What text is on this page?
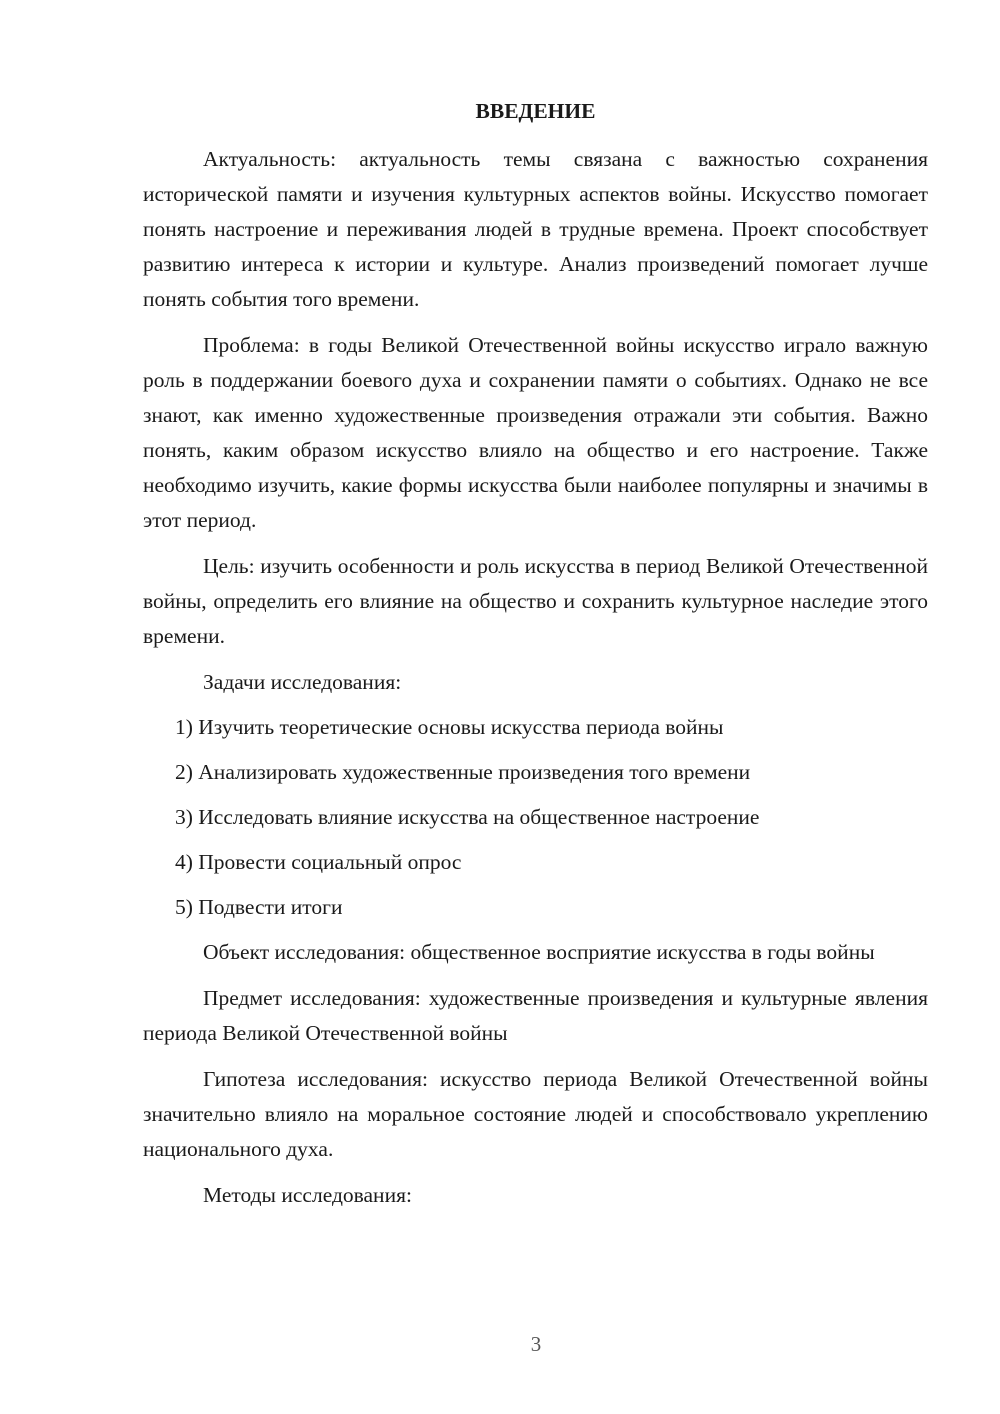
ВВЕДЕНИЕ

Актуальность: актуальность темы связана с важностью сохранения исторической памяти и изучения культурных аспектов войны. Искусство помогает понять настроение и переживания людей в трудные времена. Проект способствует развитию интереса к истории и культуре. Анализ произведений помогает лучше понять события того времени.

Проблема: в годы Великой Отечественной войны искусство играло важную роль в поддержании боевого духа и сохранении памяти о событиях. Однако не все знают, как именно художественные произведения отражали эти события. Важно понять, каким образом искусство влияло на общество и его настроение. Также необходимо изучить, какие формы искусства были наиболее популярны и значимы в этот период.

Цель: изучить особенности и роль искусства в период Великой Отечественной войны, определить его влияние на общество и сохранить культурное наследие этого времени.

Задачи исследования:

1) Изучить теоретические основы искусства периода войны
2) Анализировать художественные произведения того времени
3) Исследовать влияние искусства на общественное настроение
4) Провести социальный опрос
5) Подвести итоги

Объект исследования: общественное восприятие искусства в годы войны

Предмет исследования: художественные произведения и культурные явления периода Великой Отечественной войны

Гипотеза исследования: искусство периода Великой Отечественной войны значительно влияло на моральное состояние людей и способствовало укреплению национального духа.

Методы исследования:

3
